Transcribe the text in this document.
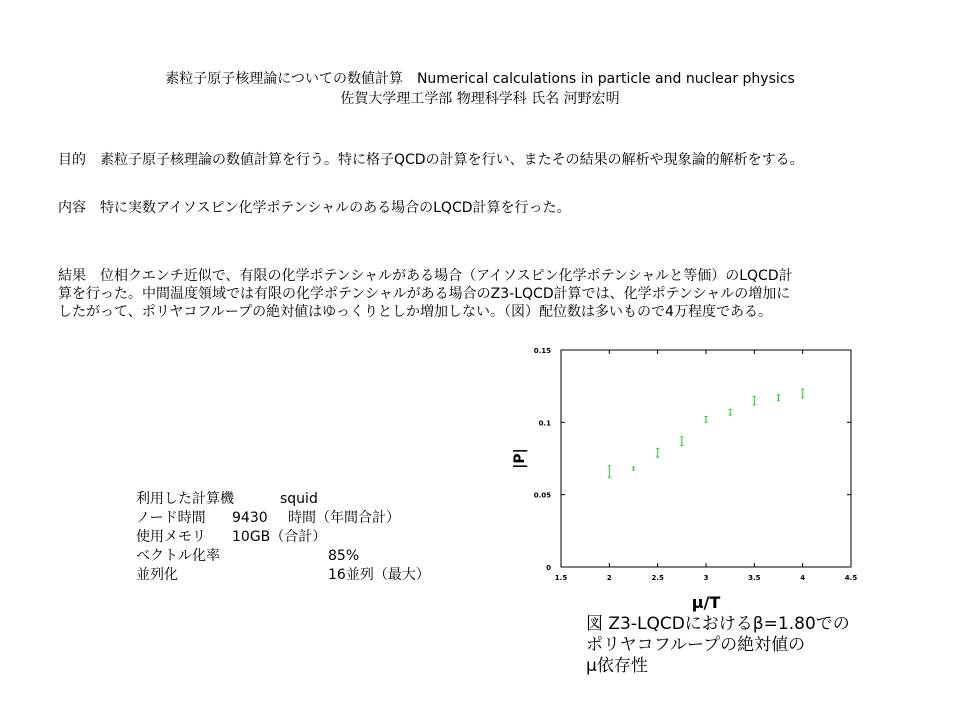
素粒子原子核理論についての数値計算　Numerical calculations in particle and nuclear physics
佐賀大学理工学部 物理科学科 氏名 河野宏明
目的 素粒子原子核理論の数値計算を行う。特に格子QCDの計算を行い、またその結果の解析や現象論的解析をする。
内容 特に実数アイソスピン化学ポテンシャルのある場合のLQCD計算を行った。
結果 位相クエンチ近似で、有限の化学ポテンシャルがある場合（アイソスピン化学ポテンシャルと等価）のLQCD計
算を行った。中間温度領域では有限の化学ポテンシャルがある場合のZ3-LQCD計算では、化学ポテンシャルの増加に
したがって、ポリヤコフループの絶対値はゆっくりとしか増加しない。（図）配位数は多いもので4万程度である。
利用した計算機	squid
ノード時間 9430 時間（年間合計）
使用メモリ 10GB（合計）
ベクトル化率	85%
並列化	16並列（最大）	1.5	2	2.5	3	3.5	4	4.5
0
0.05
0.1
0.15
μ/T
|P|
図 Z3-LQCDにおけるβ=1.80での
ポリヤコフループの絶対値の
μ依存性
